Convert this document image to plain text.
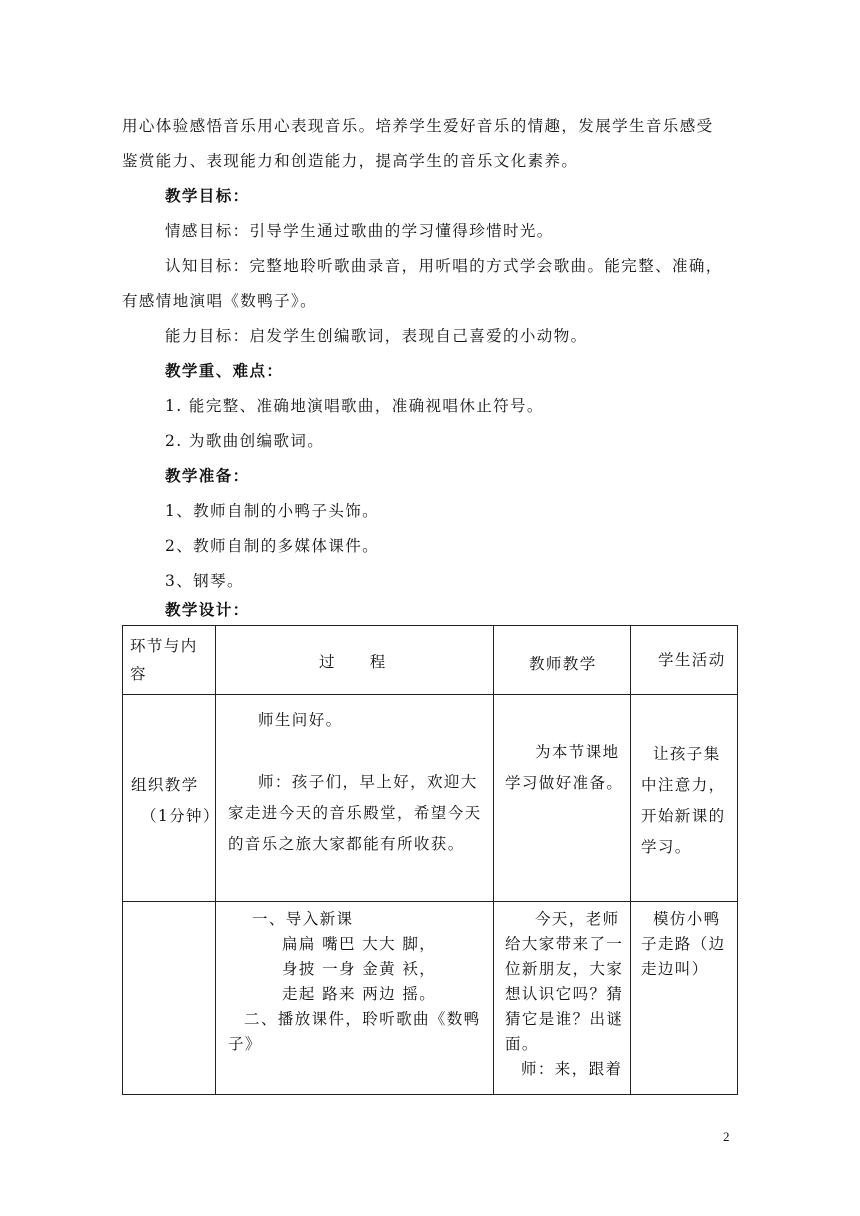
用心体验感悟音乐用心表现音乐。培养学生爱好音乐的情趣，发展学生音乐感受
鉴赏能力、表现能力和创造能力，提高学生的音乐文化素养。
教学目标：
情感目标：引导学生通过歌曲的学习懂得珍惜时光。
认知目标：完整地聆听歌曲录音，用听唱的方式学会歌曲。能完整、准确，
有感情地演唱《数鸭子》。
能力目标：启发学生创编歌词，表现自己喜爱的小动物。
教学重、难点：
1. 能完整、准确地演唱歌曲，准确视唱休止符号。
2. 为歌曲创编歌词。
教学准备：
1、教师自制的小鸭子头饰。
2、教师自制的多媒体课件。
3、钢琴。
教学设计：
环节与内容
过　　程	教师教学	学生活动
组织教学
（1分钟）
师生问好。
师：孩子们，早上好，欢迎大
家走进今天的音乐殿堂，希望今天
的音乐之旅大家都能有所收获。
为本节课地
学习做好准备。
让孩子集
中注意力，
开始新课的
学习。
一、导入新课
扁扁 嘴巴 大大 脚，
身披 一身 金黄 袄，
走起 路来 两边 摇。
二、播放课件，聆听歌曲《数鸭
子》
今天，老师
给大家带来了一
位新朋友，大家
想认识它吗？猜
猜它是谁？出谜
面。
师：来，跟着
模仿小鸭
子走路（边
走边叫）
2
